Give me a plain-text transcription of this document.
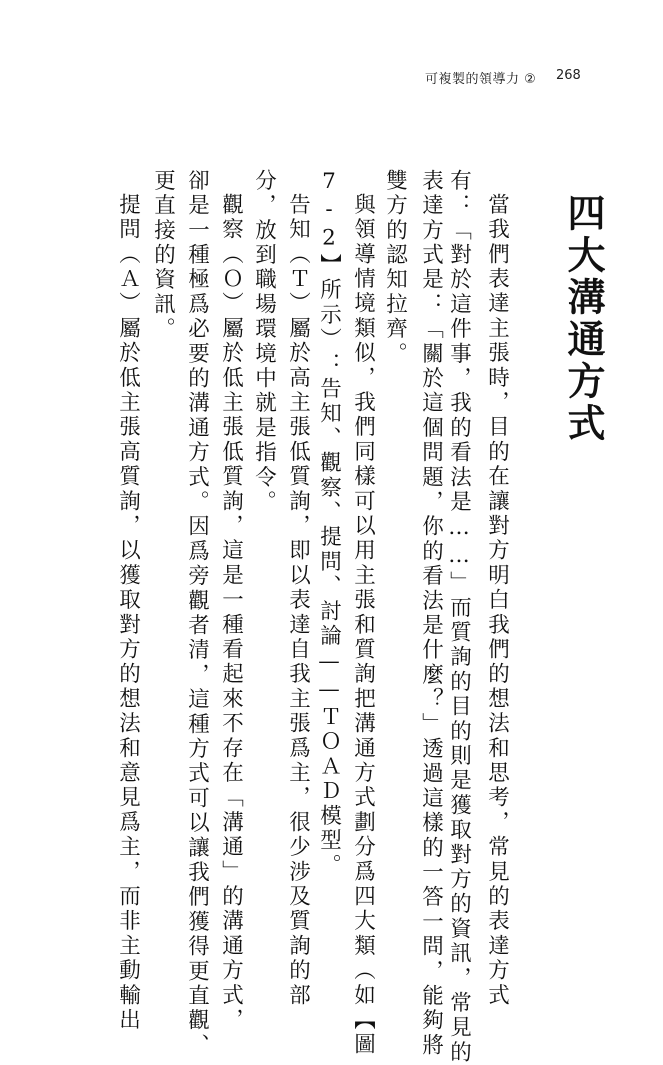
可複製的領導力 ② 268
四大溝通方式
當我們表達主張時，目的在讓對方明白我們的想法和思考，常見的表達方式
有：「對於這件事，我的看法是……」而質詢的目的則是獲取對方的資訊，常見的
表達方式是：「關於這個問題，你的看法是什麼？」透過這樣的一答一問，能夠將
雙方的認知拉齊。
與領導情境類似，我們同樣可以用主張和質詢把溝通方式劃分爲四大類（如【圖
7-2】所示）：告知、觀察、提問、討論——ＴＯＡＤ模型。
告知（Ｔ）屬於高主張低質詢，即以表達自我主張爲主，很少涉及質詢的部
分，放到職場環境中就是指令。
觀察（Ｏ）屬於低主張低質詢，這是一種看起來不存在「溝通」的溝通方式，
卻是一種極爲必要的溝通方式。因爲旁觀者清，這種方式可以讓我們獲得更直觀、
更直接的資訊。
提問（Ａ）屬於低主張高質詢，以獲取對方的想法和意見爲主，而非主動輸出
